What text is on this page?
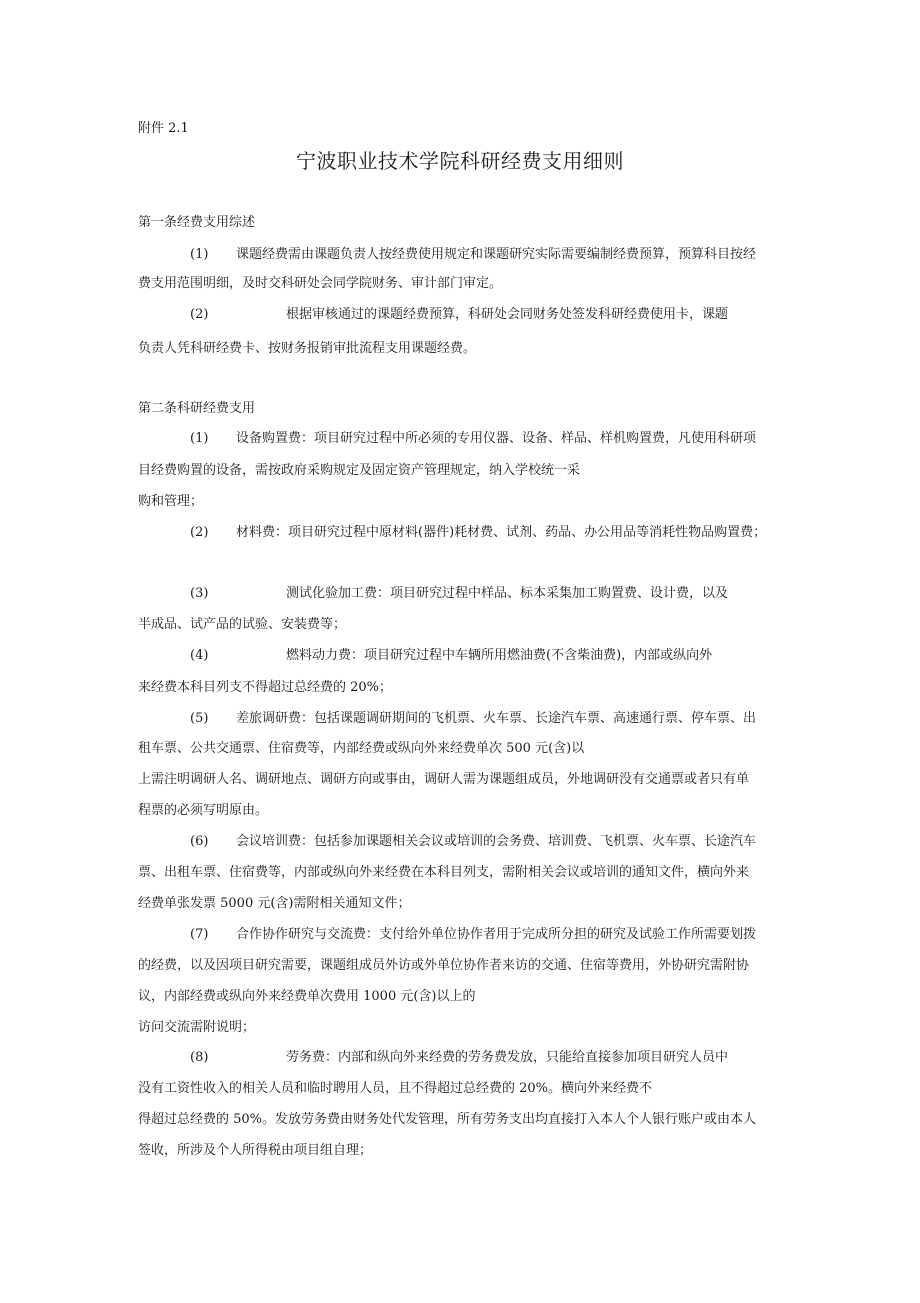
附件 2.1
宁波职业技术学院科研经费支用细则
第一条经费支用综述
(1) 课题经费需由课题负责人按经费使用规定和课题研究实际需要编制经费预算，预算科目按经
费支用范围明细，及时交科研处会同学院财务、审计部门审定。
(2)	根据审核通过的课题经费预算，科研处会同财务处签发科研经费使用卡，课题
负责人凭科研经费卡、按财务报销审批流程支用课题经费。
第二条科研经费支用
(1) 设备购置费：项目研究过程中所必须的专用仪器、设备、样品、样机购置费，凡使用科研项
目经费购置的设备，需按政府采购规定及固定资产管理规定，纳入学校统一采
购和管理；
(2) 材料费：项目研究过程中原材料(器件)耗材费、试剂、药品、办公用品等消耗性物品购置费；
(3)	测试化验加工费：项目研究过程中样品、标本采集加工购置费、设计费，以及
半成品、试产品的试验、安装费等；
(4)	燃料动力费：项目研究过程中车辆所用燃油费(不含柴油费)，内部或纵向外
来经费本科目列支不得超过总经费的 20%；
(5) 差旅调研费：包括课题调研期间的飞机票、火车票、长途汽车票、高速通行票、停车票、出
租车票、公共交通票、住宿费等，内部经费或纵向外来经费单次 500 元(含)以
上需注明调研人名、调研地点、调研方向或事由，调研人需为课题组成员，外地调研没有交通票或者只有单
程票的必须写明原由。
(6) 会议培训费：包括参加课题相关会议或培训的会务费、培训费、飞机票、火车票、长途汽车
票、出租车票、住宿费等，内部或纵向外来经费在本科目列支，需附相关会议或培训的通知文件，横向外来
经费单张发票 5000 元(含)需附相关通知文件；
(7) 合作协作研究与交流费：支付给外单位协作者用于完成所分担的研究及试验工作所需要划拨
的经费，以及因项目研究需要，课题组成员外访或外单位协作者来访的交通、住宿等费用，外协研究需附协
议，内部经费或纵向外来经费单次费用 1000 元(含)以上的
访问交流需附说明；
(8)	劳务费：内部和纵向外来经费的劳务费发放，只能给直接参加项目研究人员中
没有工资性收入的相关人员和临时聘用人员，且不得超过总经费的 20%。横向外来经费不
得超过总经费的 50%。发放劳务费由财务处代发管理，所有劳务支出均直接打入本人个人银行账户或由本人
签收，所涉及个人所得税由项目组自理；
